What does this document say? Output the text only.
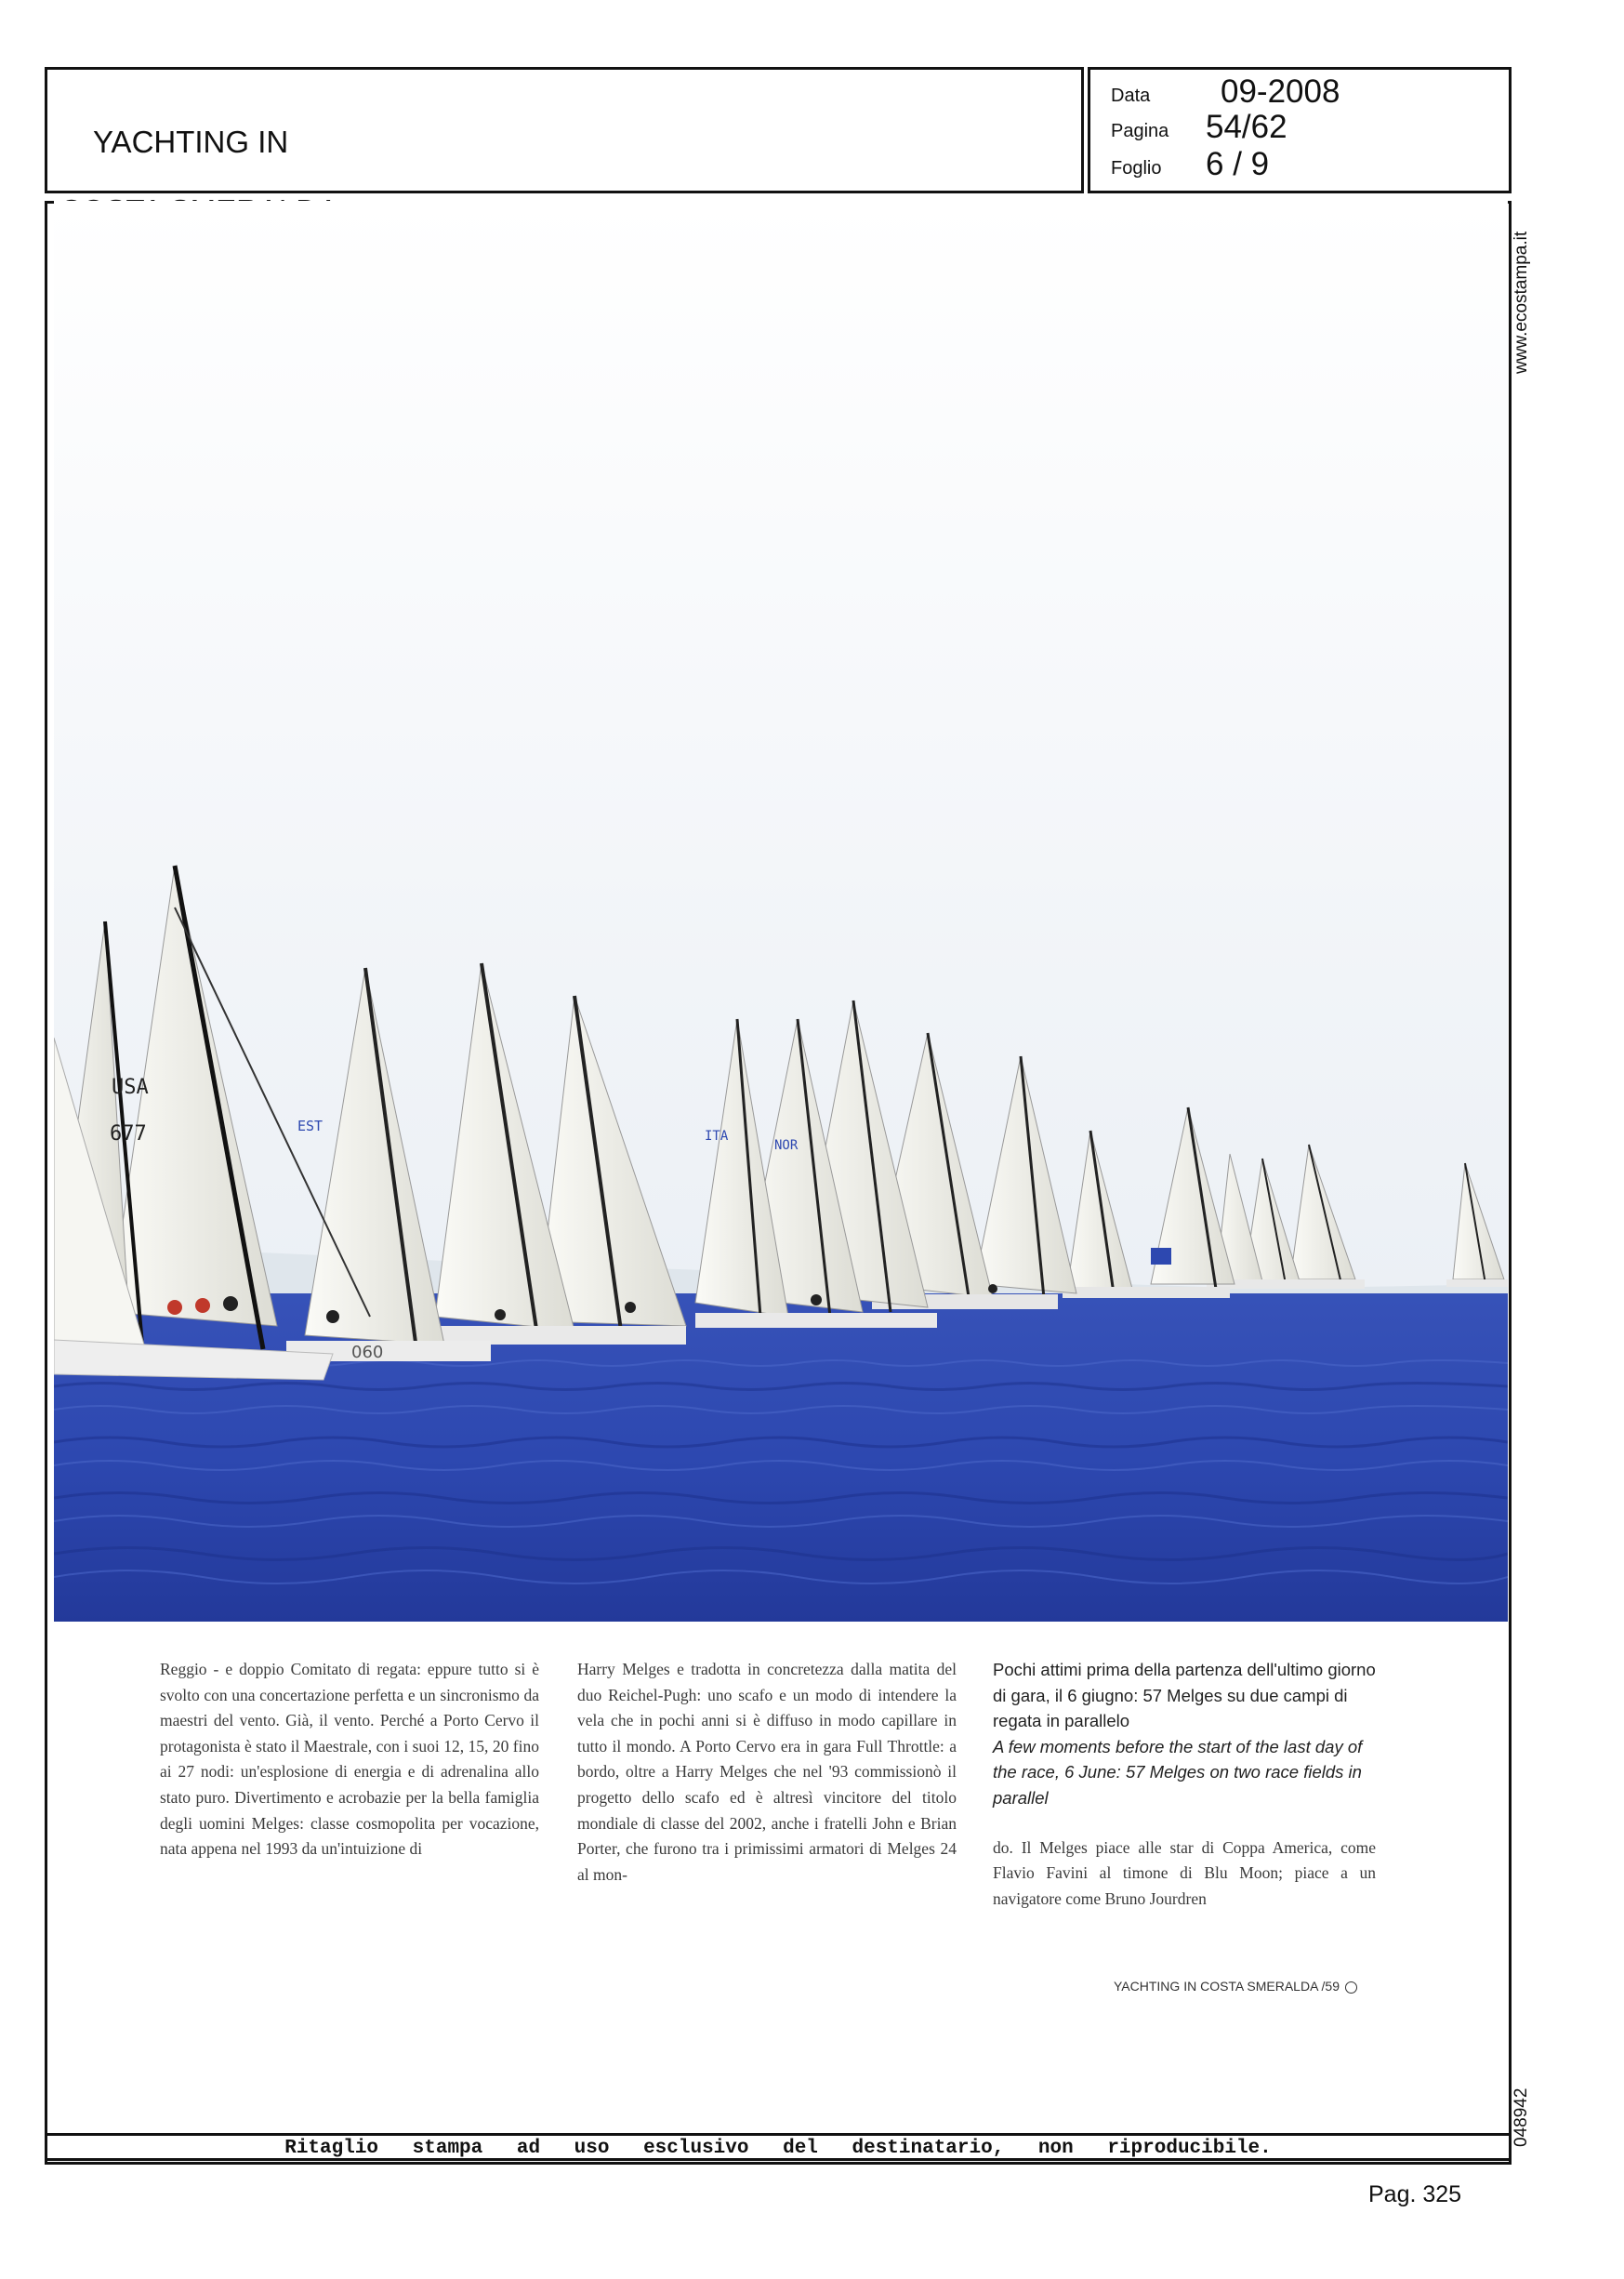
YACHTING IN

Data 09-2008
Pagina 54/62
Foglio 6 / 9
www.ecostampa.it
ITA
NOR
EST
060
USA
677

Reggio - e doppio Comitato di regata: eppure tutto si è svolto con una concertazione perfetta e un sincronismo da maestri del vento. Già, il vento. Perché a Porto Cervo il protagonista è stato il Maestrale, con i suoi 12, 15, 20 fino ai 27 nodi: un'esplosione di energia e di adrenalina allo stato puro. Divertimento e acrobazie per la bella famiglia degli uomini Melges: classe cosmopolita per vocazione, nata appena nel 1993 da un'intuizione di

Harry Melges e tradotta in concretezza dalla matita del duo Reichel-Pugh: uno scafo e un modo di intendere la vela che in pochi anni si è diffuso in modo capillare in tutto il mondo. A Porto Cervo era in gara Full Throttle: a bordo, oltre a Harry Melges che nel '93 commissionò il progetto dello scafo ed è altresì vincitore del titolo mondiale di classe del 2002, anche i fratelli John e Brian Porter, che furono tra i primissimi armatori di Melges 24 al mon-

Pochi attimi prima della partenza dell'ultimo giorno di gara, il 6 giugno: 57 Melges su due campi di regata in parallelo

A few moments before the start of the last day of the race, 6 June: 57 Melges on two race fields in parallel

do. Il Melges piace alle star di Coppa America, come Flavio Favini al timone di Blu Moon; piace a un navigatore come Bruno Jourdren

YACHTING IN COSTA SMERALDA /59
048942
Ritaglio stampa ad uso esclusivo del destinatario, non riproducibile.
Pag. 325
